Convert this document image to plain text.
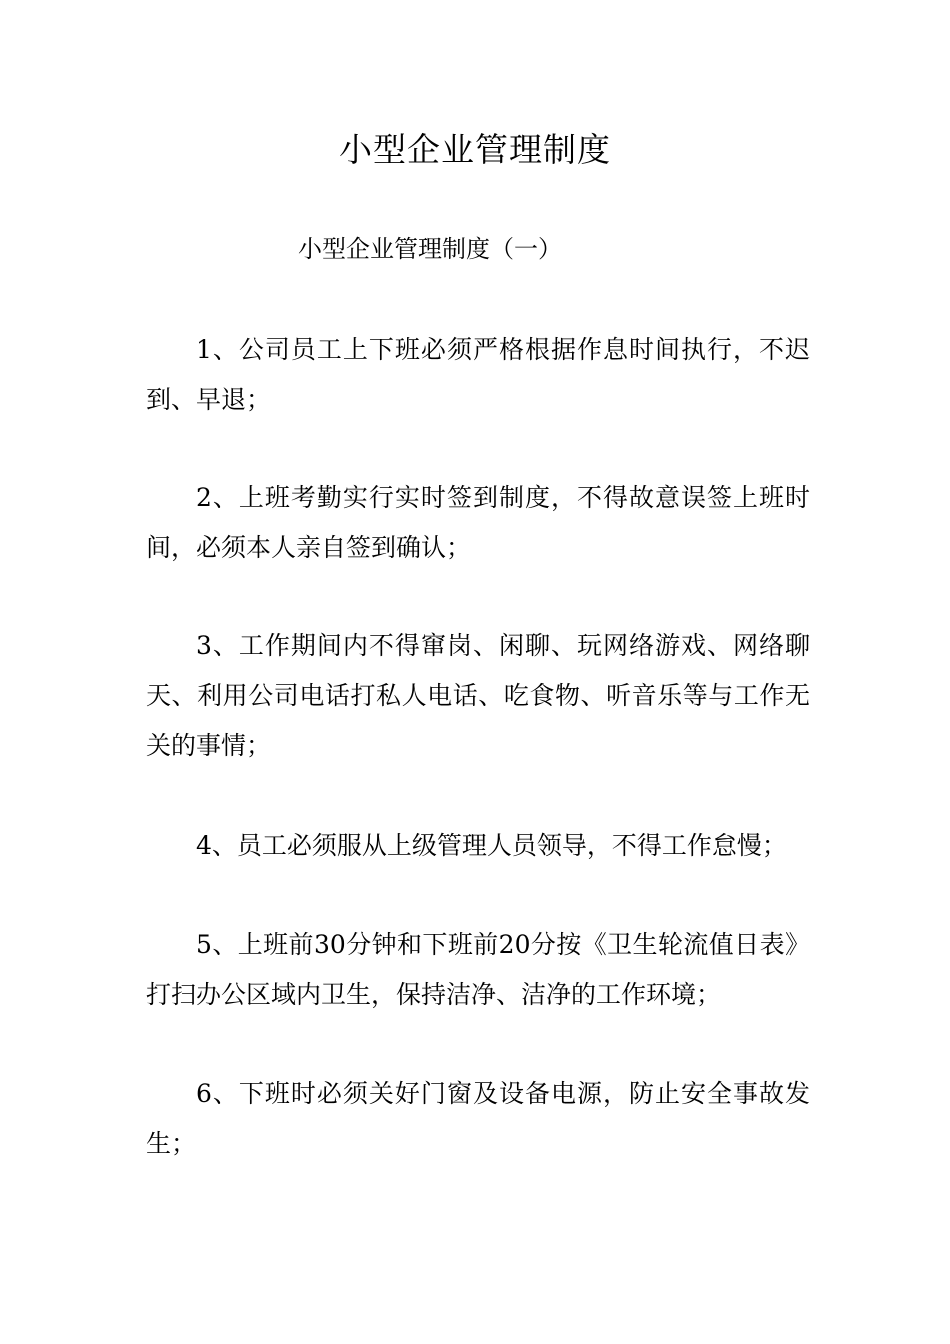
小型企业管理制度
小型企业管理制度（一）

1、公司员工上下班必须严格根据作息时间执行，不迟到、早退；

2、上班考勤实行实时签到制度，不得故意误签上班时间，必须本人亲自签到确认；

3、工作期间内不得窜岗、闲聊、玩网络游戏、网络聊天、利用公司电话打私人电话、吃食物、听音乐等与工作无关的事情；

4、员工必须服从上级管理人员领导，不得工作怠慢；

5、上班前30分钟和下班前20分按《卫生轮流值日表》打扫办公区域内卫生，保持洁净、洁净的工作环境；

6、下班时必须关好门窗及设备电源，防止安全事故发生；
